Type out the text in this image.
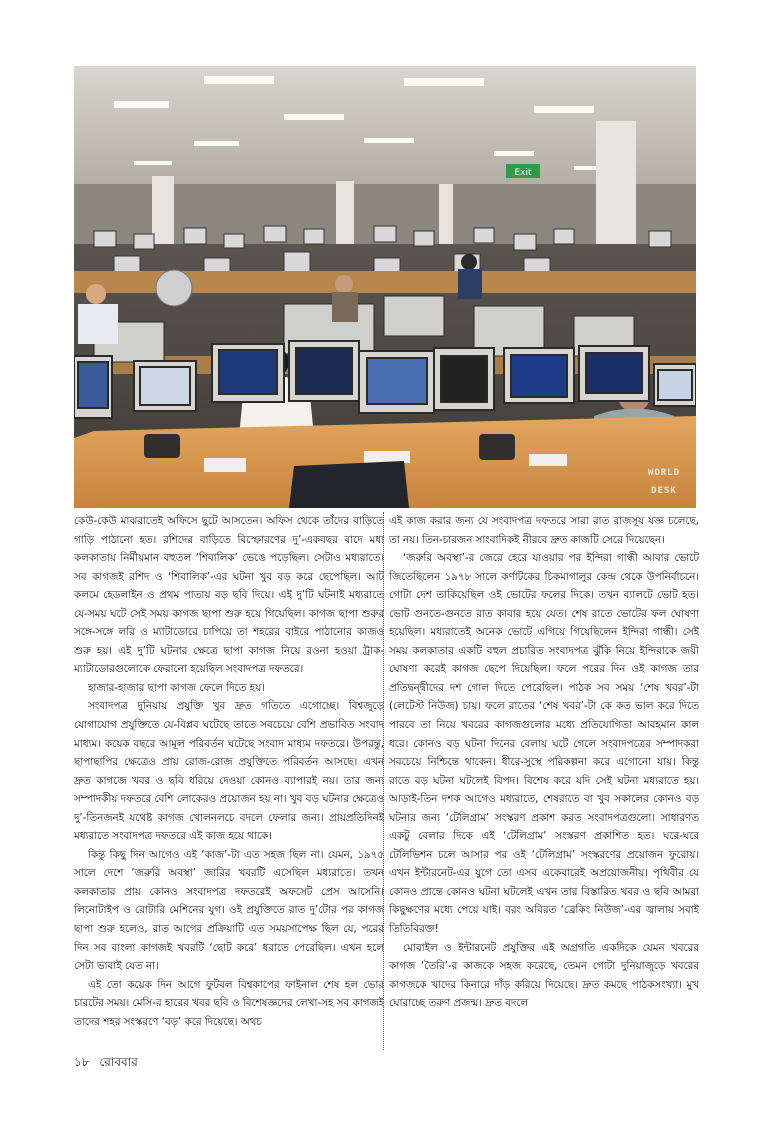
Exit
WORLD
DESK

কেউ-কেউ মাঝরাতেই অফিসে ছুটে আসতেন। অফিস থেকে তাঁদের বাড়িতে গাড়ি পাঠানো হত। রশিদের বাড়িতে বিস্ফোরণের দু’-একবছর বাদে মধ্য কলকাতায় নির্মীয়মান বহুতল ‘শিবালিক’ ভেঙে পড়েছিল। সেটাও মধ্যরাতে। সব কাগজই রশিদ ও ‘শিবালিক’-এর ঘটনা খুব বড় করে ছেপেছিল। আট কলমে হেডলাইন ও প্রথম পাতায় বড় ছবি দিয়ে। এই দু’টি ঘটনাই মধ্যরাতে যে-সময় ঘটে সেই সময় কাগজ ছাপা শুরু হয়ে গিয়েছিল। কাগজ ছাপা শুরুর সঙ্গে-সঙ্গে লরি ও ম্যাটাডোরে চাপিয়ে তা শহরের বাইরে পাঠানোর কাজও শুরু হয়। এই দু’টি ঘটনার ক্ষেত্রে ছাপা কাগজ নিয়ে রওনা হওয়া ট্রাক-ম্যাটাডোরগুলোকে ফেরানো হয়েছিল সংবাদপত্র দফতরে।

হাজার-হাজার ছাপা কাগজ ফেলে দিতে হয়।

সংবাদপত্র দুনিয়ায় প্রযুক্তি খুব দ্রুত গতিতে এগোচ্ছে। বিশ্বজুড়ে যোগাযোগ প্রযুক্তিতে যে-বিপ্লব ঘটেছে তাতে সবচেয়ে বেশি প্রভাবিত সংবাদ মাধ্যম। কয়েক বছরে আমূল পরিবর্তন ঘটেছে সংবাদ মাধ্যম দফতরে। উপরন্তু, ছাপাছাপির ক্ষেত্রেও প্রায় রোজ-রোজ প্রযুক্তিতে পরিবর্তন আসছে। এখন দ্রুত কাগজে খবর ও ছবি ধরিয়ে দেওয়া কোনও ব্যাপারই নয়। তার জন্য সম্পাদকীয় দফতরে বেশি লোকেরও প্রয়োজন হয় না। খুব বড় ঘটনার ক্ষেত্রেও দু’-তিনজনই যথেষ্ট কাগজ খোলনলচে বদলে ফেলার জন্য। প্রায়প্রতিদিনই মধ্যরাতে সংবাদপত্র দফতরে এই কাজ হয়ে থাকে।

কিন্তু কিছু দিন আগেও এই ‘কাজ’-টা এত সহজ ছিল না। যেমন, ১৯৭৫ সালে দেশে ‘জরুরি অবস্থা’ জারির খবরটি এসেছিল মধ্যরাতে। তখন কলকাতার প্রায় কোনও সংবাদপত্র দফতরেই অফসেট প্রেস আসেনি। লিনোটাইপ ও রোটারি মেশিনের যুগ। ওই প্রযুক্তিতে রাত দু’টোর পর কাগজ ছাপা শুরু হলেও, রাত আগের প্রক্রিয়াটি এত সময়সাপেক্ষ ছিল যে, পরের দিন সব বাংলা কাগজই খবরটি ‘ছোট করে’ ধরাতে পেরেছিল। এখন হলে সেটা ভাবাই যেত না।

এই তো কয়েক দিন আগে ফুটবল বিশ্বকাপের ফাইনাল শেষ হল ভোর চারটের সময়। মেসি-র হারের খবর ছবি ও বিশেষজ্ঞদের লেখা-সহ সব কাগজই তাদের শহর সংস্করণে ‘বড়’ করে দিয়েছে। অথচ

এই কাজ করার জন্য যে সংবাদপত্র দফতরে সারা রাত রাজসূয় যজ্ঞ চলেছে, তা নয়। তিন-চারজন সাংবাদিকই নীরবে দ্রুত কাজটি সেরে দিয়েছেন।

‘জরুরি অবস্থা’-র জেরে হেরে যাওয়ার পর ইন্দিরা গান্ধী আবার ভোটে জিতেছিলেন ১৯৭৮ সালে কর্ণাটকের চিকমাগালুর কেন্দ্র থেকে উপনির্বাচনে। গোটা দেশ তাকিয়েছিল ওই ভোটের ফলের দিকে। তখন ব্যালটে ভোট হত। ভোট গুনতে-গুনতে রাত কাবার হয়ে যেত। শেষ রাতে ভোটের ফল ঘোষণা হয়েছিল। মধ্যরাতেই অনেক ভোটে এগিয়ে গিয়েছিলেন ইন্দিরা গান্ধী। সেই সময় কলকাতার একটি বহুল প্রচারিত সংবাদপত্র ঝুঁকি নিয়ে ইন্দিরাকে জয়ী ঘোষণা করেই কাগজ ছেপে দিয়েছিল। ফলে পরের দিন ওই কাগজ তার প্রতিদ্বন্দ্বীদের দশ গোল দিতে পেরেছিল। পাঠক সব সময় ‘শেষ খবর’-টা (লেটেস্ট নিউজ) চায়। ফলে রাতের ‘শেষ খবর’-টা কে কত ভাল করে দিতে পারবে তা নিয়ে খবরের কাগজগুলোর মধ্যে প্রতিযোগিতা আবহমান কাল ধরে। কোনও বড় ঘটনা দিনের বেলায় ঘটে গেলে সংবাদপত্রের সম্পাদকরা সবচেয়ে নিশ্চিন্তে থাকেন। ধীরে-সুস্থে পরিকল্পনা করে এগোনো যায়। কিন্তু রাতে বড় ঘটনা ঘটলেই বিপদ। বিশেষ করে যদি সেই ঘটনা মধ্যরাতে হয়। আড়াই-তিন দশক আগেও মধ্যরাতে, শেষরাতে বা খুব সকালের কোনও বড় ঘটনার জন্য ‘টেলিগ্রাম’ সংস্করণ প্রকাশ করত সংবাদপত্রগুলো। সাধারণত একটু বেলার দিকে এই ‘টেলিগ্রাম’ সংস্করণ প্রকাশিত হত। ঘরে-ঘরে টেলিভিশন চলে আসার পর ওই ‘টেলিগ্রাম’ সংস্করণের প্রয়োজন ফুরোয়। এখন ইন্টারনেট-এর যুগে তো এসব একেবারেই অপ্রয়োজনীয়। পৃথিবীর যে কোনও প্রান্তে কোনও ঘটনা ঘটলেই এখন তার বিস্তারিত খবর ও ছবি আমরা কিছুক্ষণের মধ্যে পেয়ে যাই। বরং অবিরত ‘ব্রেকিং নিউজ’-এর জ্বালায় সবাই তিতিবিরক্ত!

মোবাইল ও ইন্টারনেট প্রযুক্তির এই অগ্রগতি একদিকে যেমন খবরের কাগজ ‘তৈরি’-র কাজকে সহজ করেছে, তেমন গোটা দুনিয়াজুড়ে খবরের কাগজকে খাদের কিনারে দাঁড় করিয়ে দিয়েছে। দ্রুত কমছে পাঠকসংখ্যা। মুখ ঘোরাচ্ছে তরুণ প্রজন্ম। দ্রুত বদলে

১৮ রোববার
